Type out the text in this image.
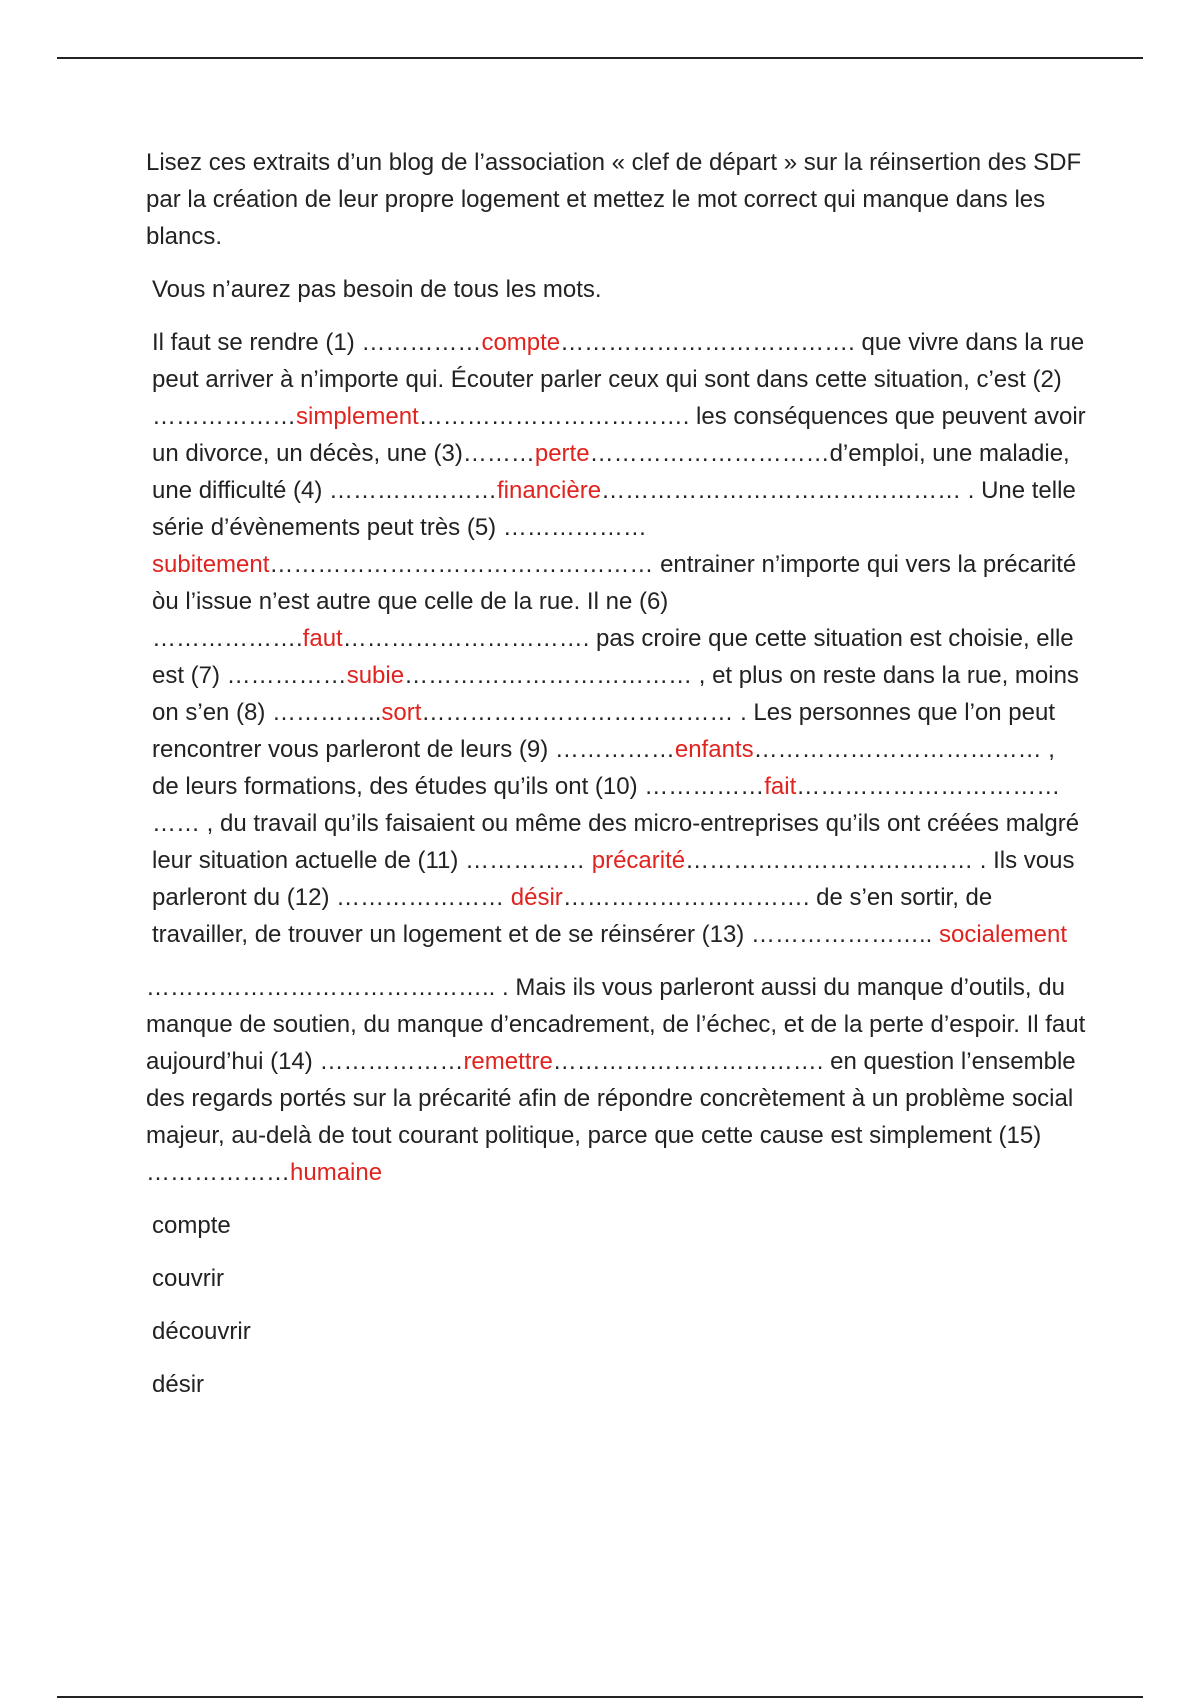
Lisez ces extraits d’un blog de l’association « clef de départ » sur la réinsertion des SDF par la création de leur propre logement et mettez le mot correct qui manque dans les blancs.

Vous n’aurez pas besoin de tous les mots.

Il faut se rendre (1) ……………compte………………………………. que vivre dans la rue peut arriver à n’importe qui. Écouter parler ceux qui sont dans cette situation, c’est (2) ………………simplement……………………………. les conséquences que peuvent avoir un divorce, un décès, une (3)………perte…………………………d’emploi, une maladie, une difficulté (4) …………………financière……………………………………… . Une telle série d’évènements peut très (5) ………………subitement………………………………………… entrainer n’importe qui vers la précarité òu l’issue n’est autre que celle de la rue. Il ne (6) ……………….faut…………………………. pas croire que cette situation est choisie, elle est (7) ……………subie……………………………… , et plus on reste dans la rue, moins on s’en (8) …………..sort………………………………… . Les personnes que l’on peut rencontrer vous parleront de leurs (9) ……………enfants……………………………… , de leurs formations, des études qu’ils ont (10) ……………fait…………………………… …… , du travail qu’ils faisaient ou même des micro-entreprises qu’ils ont créées malgré leur situation actuelle de (11) …………… précarité……………………………… . Ils vous parleront du (12) ………………… désir…………………………. de s’en sortir, de travailler, de trouver un logement et de se réinsérer (13) ………………….. socialement

…………………………………….. . Mais ils vous parleront aussi du manque d’outils, du manque de soutien, du manque d’encadrement, de l’échec, et de la perte d’espoir. Il faut aujourd’hui (14) ………………remettre……………………………. en question l’ensemble des regards portés sur la précarité afin de répondre concrètement à un problème social majeur, au-delà de tout courant politique, parce que cette cause est simplement (15) ………………humaine

compte
couvrir
découvrir
désir
